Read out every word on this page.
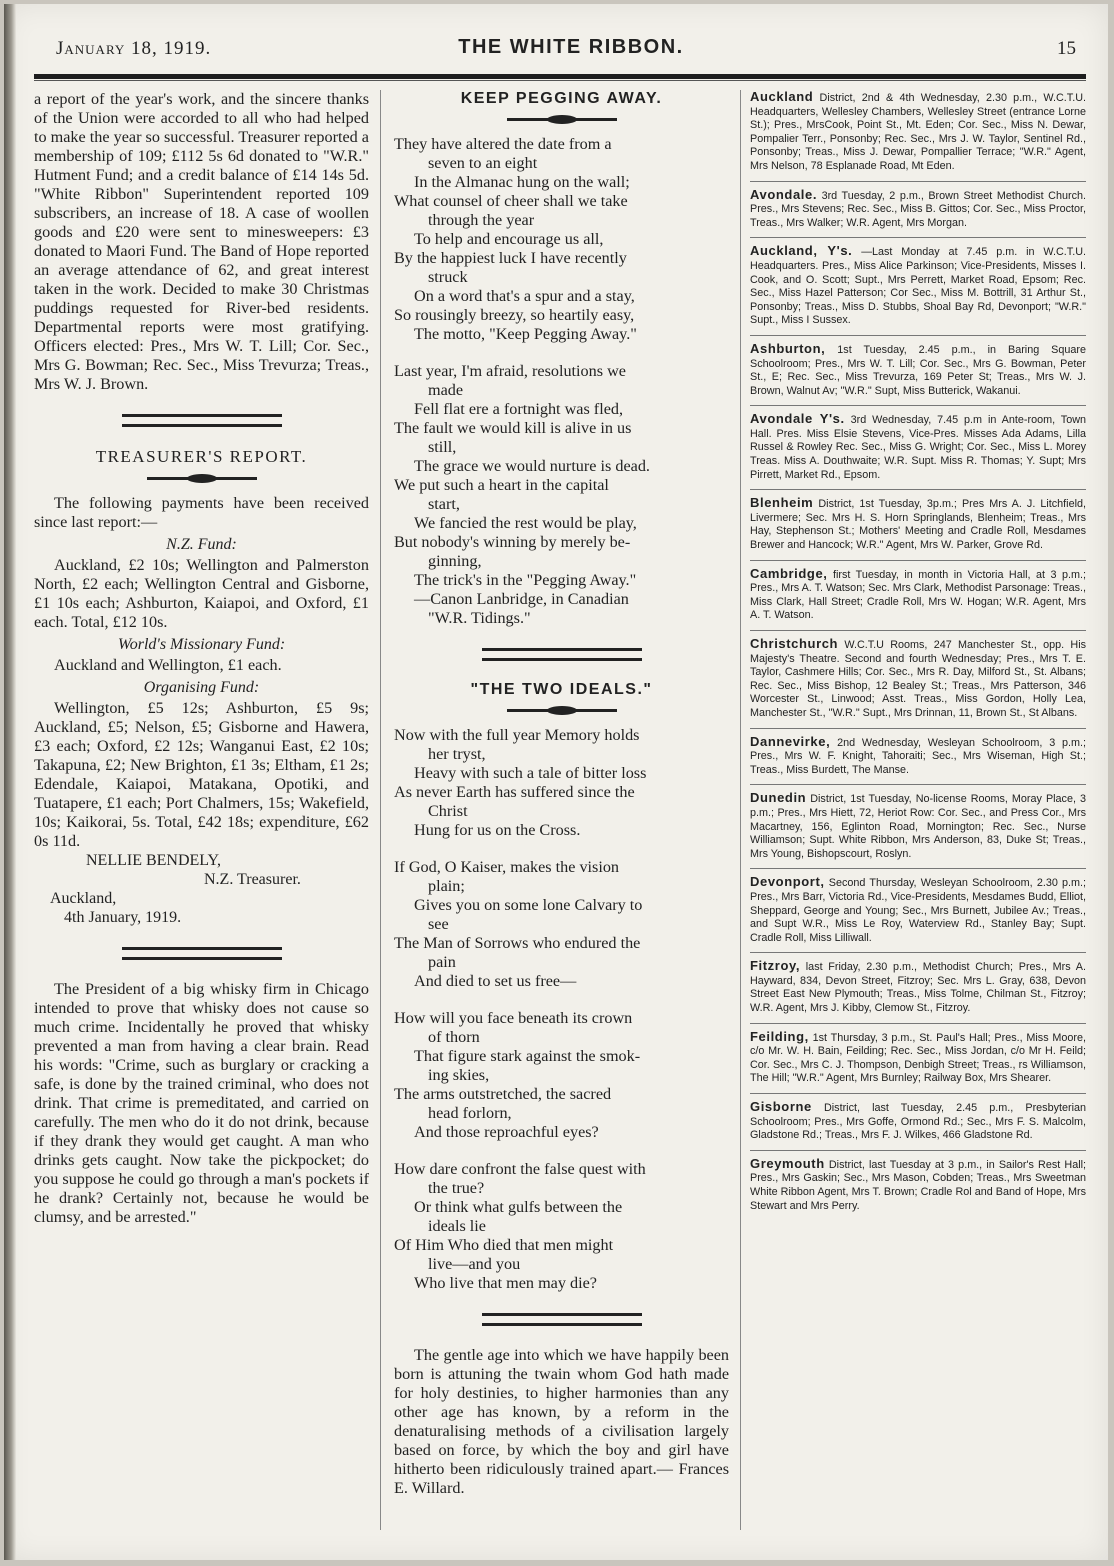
January 18, 1919.	THE WHITE RIBBON.	15

a report of the year's work, and the sincere thanks of the Union were accorded to all who had helped to make the year so successful. Treasurer reported a membership of 109; £112 5s 6d donated to "W.R." Hutment Fund; and a credit balance of £14 14s 5d. "White Ribbon" Superintendent reported 109 subscribers, an increase of 18. A case of woollen goods and £20 were sent to minesweepers: £3 donated to Maori Fund. The Band of Hope reported an average attendance of 62, and great interest taken in the work. Decided to make 30 Christmas puddings requested for River-bed residents. Departmental reports were most gratifying. Officers elected: Pres., Mrs W. T. Lill; Cor. Sec., Mrs G. Bowman; Rec. Sec., Miss Trevurza; Treas., Mrs W. J. Brown.

TREASURER'S REPORT.

The following payments have been received since last report:—

N.Z. Fund:

Auckland, £2 10s; Wellington and Palmerston North, £2 each; Wellington Central and Gisborne, £1 10s each; Ashburton, Kaiapoi, and Oxford, £1 each. Total, £12 10s.

World's Missionary Fund:

Auckland and Wellington, £1 each.

Organising Fund:

Wellington, £5 12s; Ashburton, £5 9s; Auckland, £5; Nelson, £5; Gisborne and Hawera, £3 each; Oxford, £2 12s; Wanganui East, £2 10s; Takapuna, £2; New Brighton, £1 3s; Eltham, £1 2s; Edendale, Kaiapoi, Matakana, Opotiki, and Tuatapere, £1 each; Port Chalmers, 15s; Wakefield, 10s; Kaikorai, 5s. Total, £42 18s; expenditure, £62 0s 11d.

NELLIE BENDELY,

N.Z. Treasurer.

Auckland,

4th January, 1919.

The President of a big whisky firm in Chicago intended to prove that whisky does not cause so much crime. Incidentally he proved that whisky prevented a man from having a clear brain. Read his words: "Crime, such as burglary or cracking a safe, is done by the trained criminal, who does not drink. That crime is premeditated, and carried on carefully. The men who do it do not drink, because if they drank they would get caught. A man who drinks gets caught. Now take the pickpocket; do you suppose he could go through a man's pockets if he drank? Certainly not, because he would be clumsy, and be arrested."

KEEP PEGGING AWAY.

They have altered the date from a

seven to an eight

In the Almanac hung on the wall;

What counsel of cheer shall we take

through the year

To help and encourage us all,

By the happiest luck I have recently

struck

On a word that's a spur and a stay,

So rousingly breezy, so heartily easy,

The motto, "Keep Pegging Away."

Last year, I'm afraid, resolutions we

made

Fell flat ere a fortnight was fled,

The fault we would kill is alive in us

still,

The grace we would nurture is dead.

We put such a heart in the capital

start,

We fancied the rest would be play,

But nobody's winning by merely be-

ginning,

The trick's in the "Pegging Away."

—Canon Lanbridge, in Canadian

"W.R. Tidings."

"THE TWO IDEALS."

Now with the full year Memory holds

her tryst,

Heavy with such a tale of bitter loss

As never Earth has suffered since the

Christ

Hung for us on the Cross.

If God, O Kaiser, makes the vision

plain;

Gives you on some lone Calvary to

see

The Man of Sorrows who endured the

pain

And died to set us free—

How will you face beneath its crown

of thorn

That figure stark against the smok-

ing skies,

The arms outstretched, the sacred

head forlorn,

And those reproachful eyes?

How dare confront the false quest with

the true?

Or think what gulfs between the

ideals lie

Of Him Who died that men might

live—and you

Who live that men may die?

The gentle age into which we have happily been born is attuning the twain whom God hath made for holy destinies, to higher harmonies than any other age has known, by a reform in the denaturalising methods of a civilisation largely based on force, by which the boy and girl have hitherto been ridiculously trained apart.— Frances E. Willard.

Auckland District, 2nd & 4th Wednesday, 2.30 p.m., W.C.T.U. Headquarters, Wellesley Chambers, Wellesley Street (entrance Lorne St.); Pres., MrsCook, Point St., Mt. Eden; Cor. Sec., Miss N. Dewar, Pompalier Terr., Ponsonby; Rec. Sec., Mrs J. W. Taylor, Sentinel Rd., Ponsonby; Treas., Miss J. Dewar, Pompallier Terrace; "W.R." Agent, Mrs Nelson, 78 Esplanade Road, Mt Eden.

Avondale. 3rd Tuesday, 2 p.m., Brown Street Methodist Church. Pres., Mrs Stevens; Rec. Sec., Miss B. Gittos; Cor. Sec., Miss Proctor, Treas., Mrs Walker; W.R. Agent, Mrs Morgan.

Auckland, Y's. —Last Monday at 7.45 p.m. in W.C.T.U. Headquarters. Pres., Miss Alice Parkinson; Vice-Presidents, Misses I. Cook, and O. Scott; Supt., Mrs Perrett, Market Road, Epsom; Rec. Sec., Miss Hazel Patterson; Cor Sec., Miss M. Bottrill, 31 Arthur St., Ponsonby; Treas., Miss D. Stubbs, Shoal Bay Rd, Devonport; "W.R." Supt., Miss I Sussex.

Ashburton, 1st Tuesday, 2.45 p.m., in Baring Square Schoolroom; Pres., Mrs W. T. Lill; Cor. Sec., Mrs G. Bowman, Peter St., E; Rec. Sec., Miss Trevurza, 169 Peter St; Treas., Mrs W. J. Brown, Walnut Av; "W.R." Supt, Miss Butterick, Wakanui.

Avondale Y's. 3rd Wednesday, 7.45 p.m in Ante-room, Town Hall. Pres. Miss Elsie Stevens, Vice-Pres. Misses Ada Adams, Lilla Russel & Rowley Rec. Sec., Miss G. Wright; Cor. Sec., Miss L. Morey Treas. Miss A. Douthwaite; W.R. Supt. Miss R. Thomas; Y. Supt; Mrs Pirrett, Market Rd., Epsom.

Blenheim District, 1st Tuesday, 3p.m.; Pres Mrs A. J. Litchfield, Livermere; Sec. Mrs H. S. Horn Springlands, Blenheim; Treas., Mrs Hay, Stephenson St.; Mothers' Meeting and Cradle Roll, Mesdames Brewer and Hancock; W.R." Agent, Mrs W. Parker, Grove Rd.

Cambridge, first Tuesday, in month in Victoria Hall, at 3 p.m.; Pres., Mrs A. T. Watson; Sec. Mrs Clark, Methodist Parsonage: Treas., Miss Clark, Hall Street; Cradle Roll, Mrs W. Hogan; W.R. Agent, Mrs A. T. Watson.

Christchurch W.C.T.U Rooms, 247 Manchester St., opp. His Majesty's Theatre. Second and fourth Wednesday; Pres., Mrs T. E. Taylor, Cashmere Hills; Cor. Sec., Mrs R. Day, Milford St., St. Albans; Rec. Sec., Miss Bishop, 12 Bealey St.; Treas., Mrs Patterson, 346 Worcester St., Linwood; Asst. Treas., Miss Gordon, Holly Lea, Manchester St., "W.R." Supt., Mrs Drinnan, 11, Brown St., St Albans.

Dannevirke, 2nd Wednesday, Wesleyan Schoolroom, 3 p.m.; Pres., Mrs W. F. Knight, Tahoraiti; Sec., Mrs Wiseman, High St.; Treas., Miss Burdett, The Manse.

Dunedin District, 1st Tuesday, No-license Rooms, Moray Place, 3 p.m.; Pres., Mrs Hiett, 72, Heriot Row: Cor. Sec., and Press Cor., Mrs Macartney, 156, Eglinton Road, Mornington; Rec. Sec., Nurse Williamson; Supt. White Ribbon, Mrs Anderson, 83, Duke St; Treas., Mrs Young, Bishopscourt, Roslyn.

Devonport, Second Thursday, Wesleyan Schoolroom, 2.30 p.m.; Pres., Mrs Barr, Victoria Rd., Vice-Presidents, Mesdames Budd, Elliot, Sheppard, George and Young; Sec., Mrs Burnett, Jubilee Av.; Treas., and Supt W.R., Miss Le Roy, Waterview Rd., Stanley Bay; Supt. Cradle Roll, Miss Lilliwall.

Fitzroy, last Friday, 2.30 p.m., Methodist Church; Pres., Mrs A. Hayward, 834, Devon Street, Fitzroy; Sec. Mrs L. Gray, 638, Devon Street East New Plymouth; Treas., Miss Tolme, Chilman St., Fitzroy; W.R. Agent, Mrs J. Kibby, Clemow St., Fitzroy.

Feilding, 1st Thursday, 3 p.m., St. Paul's Hall; Pres., Miss Moore, c/o Mr. W. H. Bain, Feilding; Rec. Sec., Miss Jordan, c/o Mr H. Feild; Cor. Sec., Mrs C. J. Thompson, Denbigh Street; Treas., rs Williamson, The Hill; "W.R." Agent, Mrs Burnley; Railway Box, Mrs Shearer.

Gisborne District, last Tuesday, 2.45 p.m., Presbyterian Schoolroom; Pres., Mrs Goffe, Ormond Rd.; Sec., Mrs F. S. Malcolm, Gladstone Rd.; Treas., Mrs F. J. Wilkes, 466 Gladstone Rd.

Greymouth District, last Tuesday at 3 p.m., in Sailor's Rest Hall; Pres., Mrs Gaskin; Sec., Mrs Mason, Cobden; Treas., Mrs Sweetman White Ribbon Agent, Mrs T. Brown; Cradle Rol and Band of Hope, Mrs Stewart and Mrs Perry.
